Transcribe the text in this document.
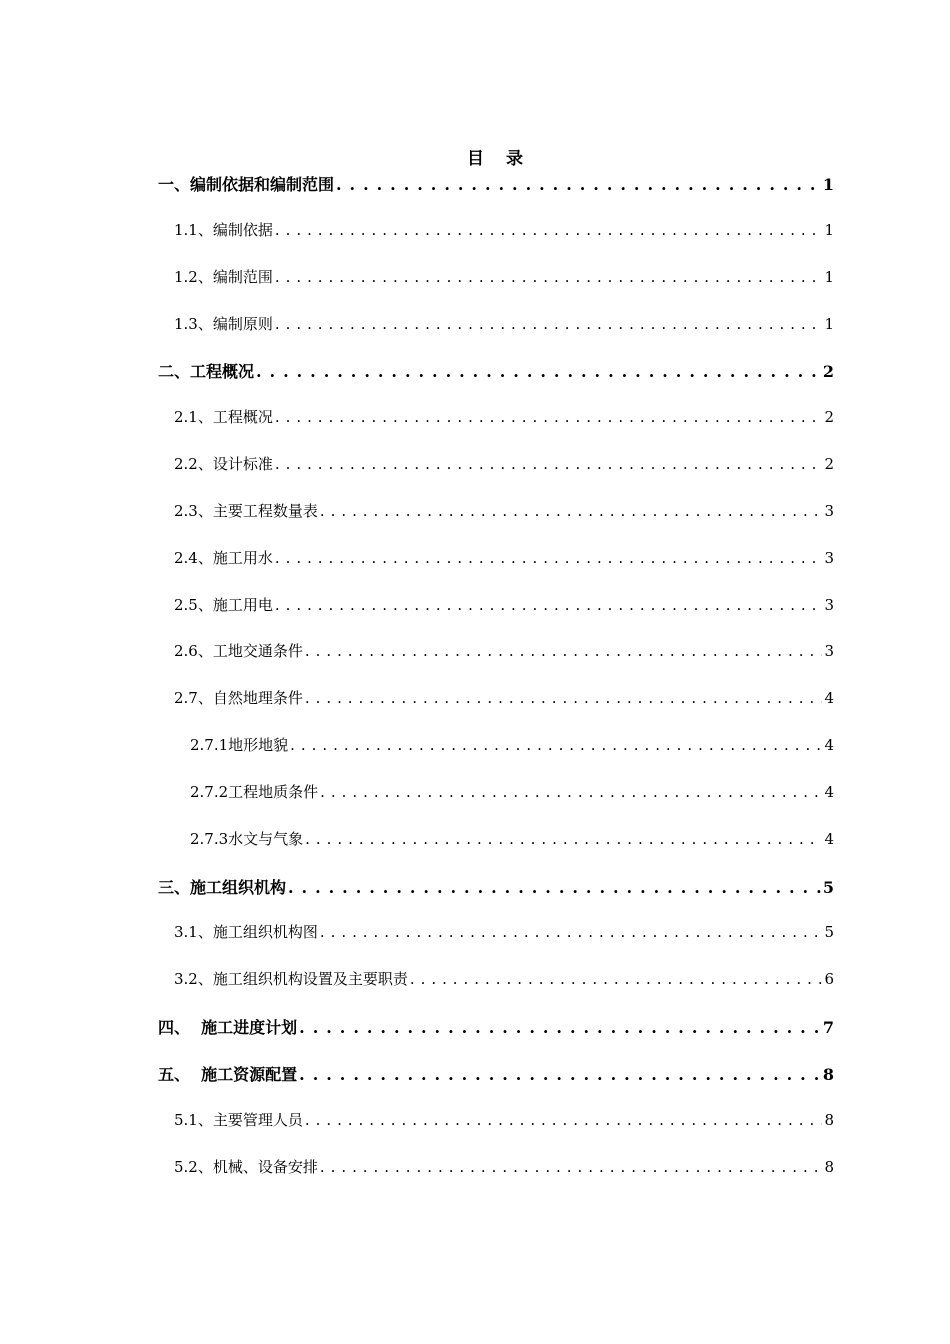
目 录
一、编制依据和编制范围 . . .	1
1.1、编制依据 . . .	1
1.2、编制范围 . . .	1
1.3、编制原则 . . .	1
二、工程概况 . . .	2
2.1、工程概况 . . .	2
2.2、设计标准 . . .	2
2.3、主要工程数量表 . . .	3
2.4、施工用水 . . .	3
2.5、施工用电 . . .	3
2.6、工地交通条件 . . .	3
2.7、自然地理条件 . . .	4
2.7.1地形地貌 . . .	4
2.7.2工程地质条件 . . .	4
2.7.3水文与气象 . . .	4
三、施工组织机构 . . .	5
3.1、施工组织机构图 . . .	5
3.2、施工组织机构设置及主要职责 . . .	6
四、  施工进度计划 . . .	7
五、  施工资源配置 . . .	8
5.1、主要管理人员 . . .	8
5.2、机械、设备安排 . . .	8
